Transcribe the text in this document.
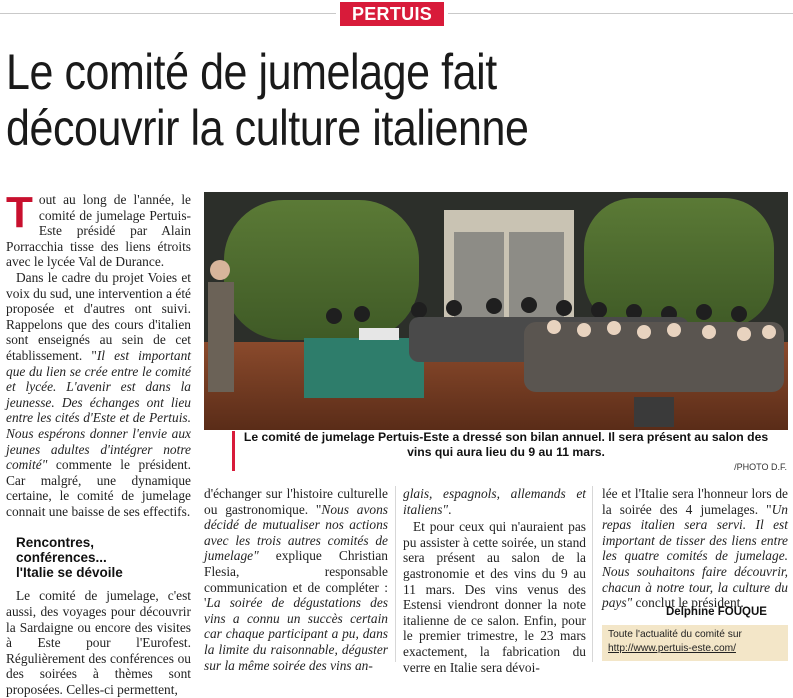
PERTUIS
Le comité de jumelage fait
découvrir la culture italienne

Tout au long de l'année, le comité de jumelage Pertuis-Este présidé par Alain Porracchia tisse des liens étroits avec le lycée Val de Durance.

Dans le cadre du projet Voies et voix du sud, une intervention a été proposée et d'autres ont suivi. Rappelons que des cours d'italien sont enseignés au sein de cet établissement. "Il est important que du lien se crée entre le comité et lycée. L'avenir est dans la jeunesse. Des échanges ont lieu entre les cités d'Este et de Pertuis. Nous espérons donner l'envie aux jeunes adultes d'intégrer notre comité" commente le président. Car malgré, une dynamique certaine, le comité de jumelage connait une baisse de ses effectifs.

Rencontres,
conférences...
l'Italie se dévoile

Le comité de jumelage, c'est aussi, des voyages pour découvrir la Sardaigne ou encore des visites à Este pour l'Eurofest. Régulièrement des conférences ou des soirées à thèmes sont proposées. Celles-ci permettent,

Le comité de jumelage Pertuis-Este a dressé son bilan annuel. Il sera présent au salon des vins qui aura lieu du 9 au 11 mars.
/PHOTO D.F.

d'échanger sur l'histoire culturelle ou gastronomique. "Nous avons décidé de mutualiser nos actions avec les trois autres comités de jumelage" explique Christian Flesia, responsable communication et de compléter : 'La soirée de dégustations des vins a connu un succès certain car chaque participant a pu, dans la limite du raisonnable, déguster sur la même soirée des vins an-

glais, espagnols, allemands et italiens".

Et pour ceux qui n'auraient pas pu assister à cette soirée, un stand sera présent au salon de la gastronomie et des vins du 9 au 11 mars. Des vins venus des Estensi viendront donner la note italienne de ce salon. Enfin, pour le premier trimestre, le 23 mars exactement, la fabrication du verre en Italie sera dévoi-

lée et l'Italie sera l'honneur lors de la soirée des 4 jumelages. "Un repas italien sera servi. Il est important de tisser des liens entre les quatre comités de jumelage. Nous souhaitons faire découvrir, chacun à notre tour, la culture du pays" conclut le président.

Delphine FOUQUE
Toute l'actualité du comité sur
http://www.pertuis-este.com/
